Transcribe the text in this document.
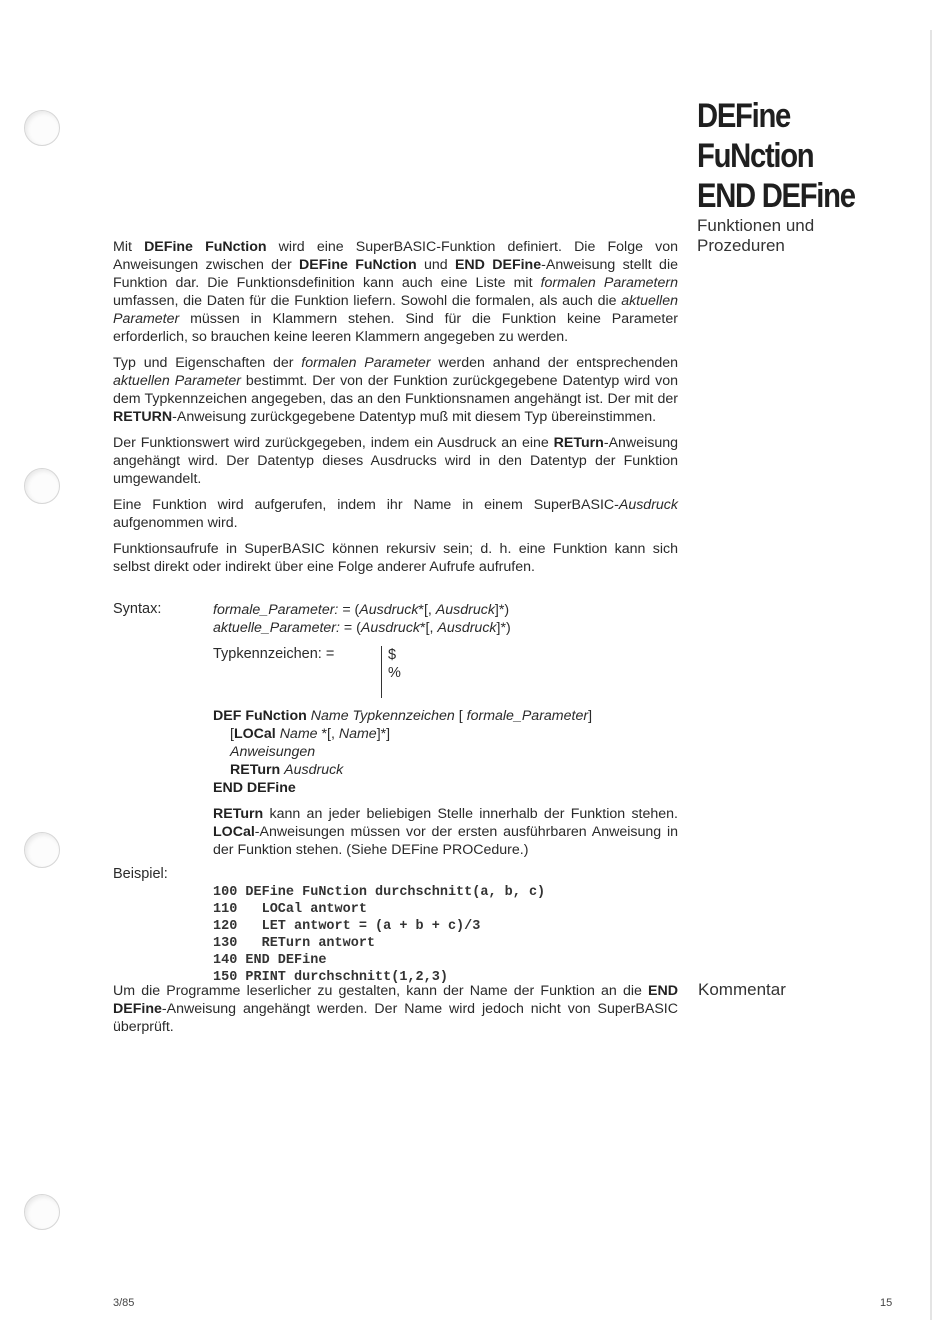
DEFine
FuNction
END DEFine
Funktionen und
Prozeduren

Mit DEFine FuNction wird eine SuperBASIC-Funktion definiert. Die Folge von Anweisungen zwischen der DEFine FuNction und END DEFine-Anweisung stellt die Funktion dar. Die Funktionsdefinition kann auch eine Liste mit formalen Parametern umfassen, die Daten für die Funktion liefern. Sowohl die formalen, als auch die aktuellen Parameter müssen in Klammern stehen. Sind für die Funktion keine Parameter erforderlich, so brauchen keine leeren Klammern angegeben zu werden.

Typ und Eigenschaften der formalen Parameter werden anhand der entsprechenden aktuellen Parameter bestimmt. Der von der Funktion zurückgegebene Datentyp wird von dem Typkennzeichen angegeben, das an den Funktionsnamen angehängt ist. Der mit der RETURN-Anweisung zurückgegebene Datentyp muß mit diesem Typ übereinstimmen.

Der Funktionswert wird zurückgegeben, indem ein Ausdruck an eine RETurn-Anweisung angehängt wird. Der Datentyp dieses Ausdrucks wird in den Datentyp der Funktion umgewandelt.

Eine Funktion wird aufgerufen, indem ihr Name in einem SuperBASIC-Ausdruck aufgenommen wird.

Funktionsaufrufe in SuperBASIC können rekursiv sein; d. h. eine Funktion kann sich selbst direkt oder indirekt über eine Folge anderer Aufrufe aufrufen.

Syntax:	formale_Parameter: = (Ausdruck*[, Ausdruck]*)
aktuelle_Parameter: = (Ausdruck*[, Ausdruck]*)
Typkennzeichen: =	$
%
DEF FuNction Name Typkennzeichen [ formale_Parameter]
[LOCal Name *[, Name]*]
Anweisungen
RETurn Ausdruck
END DEFine
RETurn kann an jeder beliebigen Stelle innerhalb der Funktion stehen. LOCal-Anweisungen müssen vor der ersten ausführbaren Anweisung in der Funktion stehen. (Siehe DEFine PROCedure.)
Beispiel:

100 DEFine FuNction durchschnitt(a, b, c)
110   LOCal antwort
120   LET antwort = (a + b + c)/3
130   RETurn antwort
140 END DEFine
150 PRINT durchschnitt(1,2,3)

Kommentar

Um die Programme leserlicher zu gestalten, kann der Name der Funktion an die END DEFine-Anweisung angehängt werden. Der Name wird jedoch nicht von SuperBASIC überprüft.

3/85	15
